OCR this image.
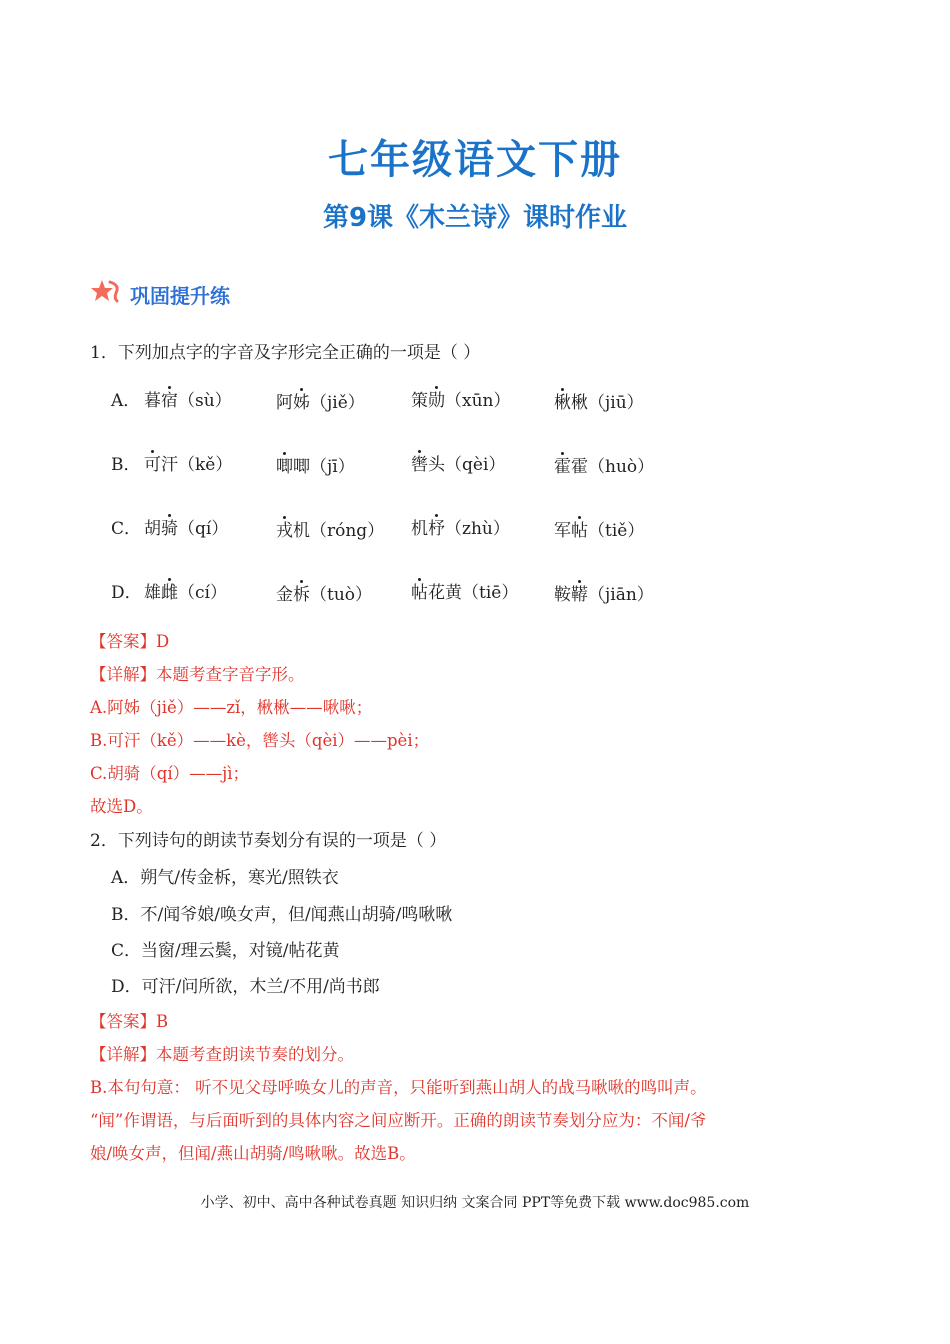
七年级语文下册
第9课《木兰诗》课时作业
巩固提升练
1．下列加点字的字音及字形完全正确的一项是（ ）
A． 暮宿（sù）	阿姊（jiě）	策勋（xūn）	楸楸（jiū）
B． 可汗（kě）	唧唧（jī）	辔头（qèi）	霍霍（huò）
C． 胡骑（qí）	戎机（róng） 机杼（zhù）	军帖（tiě）
D． 雄雌（cí）	金柝（tuò） 帖花黄（tiē） 鞍鞯（jiān）
【答案】D
【详解】本题考查字音字形。
A.阿姊（jiě）——zǐ，楸楸——啾啾；
B.可汗（kě）——kè，辔头（qèi）——pèi；
C.胡骑（qí）——jì；
故选D。
2．下列诗句的朗读节奏划分有误的一项是（ ）
A．朔气/传金柝，寒光/照铁衣
B．不/闻爷娘/唤女声，但/闻燕山胡骑/鸣啾啾
C．当窗/理云鬓，对镜/帖花黄
D．可汗/问所欲，木兰/不用/尚书郎
【答案】B
【详解】本题考查朗读节奏的划分。
B.本句句意： 听不见父母呼唤女儿的声音，只能听到燕山胡人的战马啾啾的鸣叫声。
“闻”作谓语，与后面听到的具体内容之间应断开。正确的朗读节奏划分应为：不闻/爷
娘/唤女声，但闻/燕山胡骑/鸣啾啾。故选B。
小学、初中、高中各种试卷真题 知识归纳 文案合同 PPT等免费下载 www.doc985.com
